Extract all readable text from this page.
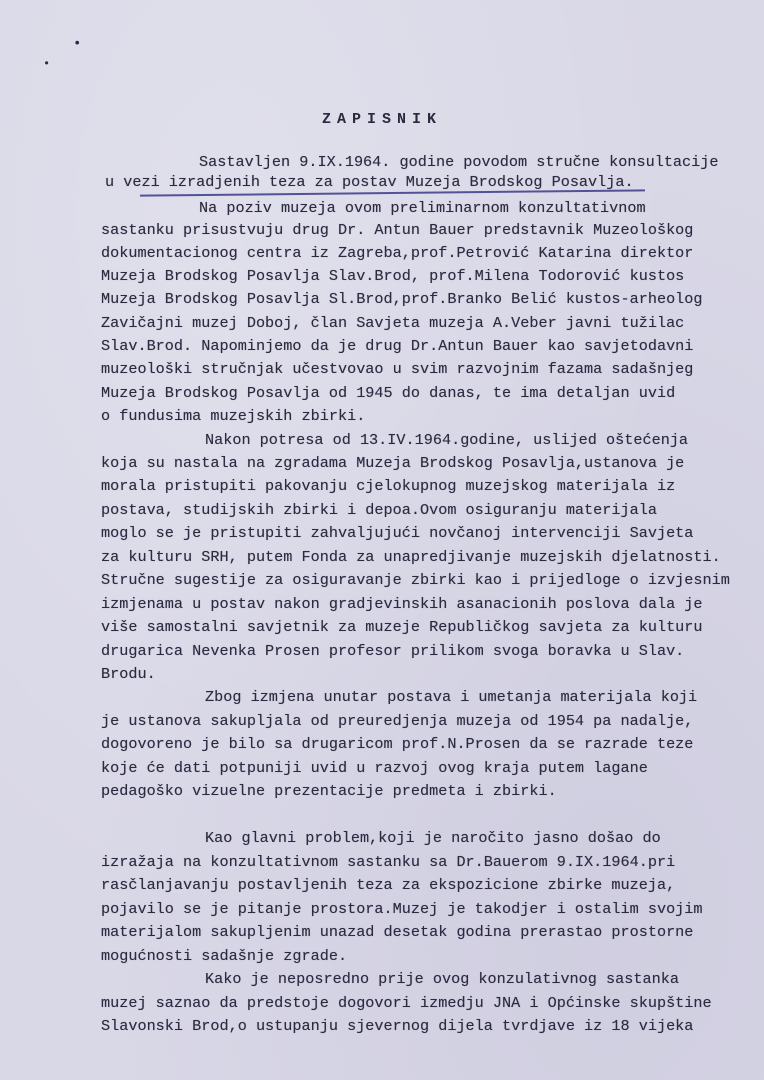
•
•
ZAPISNIK
Sastavljen 9.IX.1964. godine povodom stručne konsultacije
u vezi izradjenih teza za postav Muzeja Brodskog Posavlja.
Na poziv muzeja ovom preliminarnom konzultativnom
sastanku prisustvuju drug Dr. Antun Bauer predstavnik Muzeološkog
dokumentacionog centra iz Zagreba,prof.Petrović Katarina direktor
Muzeja Brodskog Posavlja Slav.Brod, prof.Milena Todorović kustos
Muzeja Brodskog Posavlja Sl.Brod,prof.Branko Belić kustos-arheolog
Zavičajni muzej Doboj, član Savjeta muzeja A.Veber javni tužilac
Slav.Brod. Napominjemo da je drug Dr.Antun Bauer kao savjetodavni
muzeološki stručnjak učestvovao u svim razvojnim fazama sadašnjeg
Muzeja Brodskog Posavlja od 1945 do danas, te ima detaljan uvid
o fundusima muzejskih zbirki.
Nakon potresa od 13.IV.1964.godine, uslijed oštećenja
koja su nastala na zgradama Muzeja Brodskog Posavlja,ustanova je
morala pristupiti pakovanju cjelokupnog muzejskog materijala iz
postava, studijskih zbirki i depoa.Ovom osiguranju materijala
moglo se je pristupiti zahvaljujući novčanoj intervenciji Savjeta
za kulturu SRH, putem Fonda za unapredjivanje muzejskih djelatnosti.
Stručne sugestije za osiguravanje zbirki kao i prijedloge o izvjesnim
izmjenama u postav nakon gradjevinskih asanacionih poslova dala je
više samostalni savjetnik za muzeje Republičkog savjeta za kulturu
drugarica Nevenka Prosen profesor prilikom svoga boravka u Slav.
Brodu.
Zbog izmjena unutar postava i umetanja materijala koji
je ustanova sakupljala od preuredjenja muzeja od 1954 pa nadalje,
dogovoreno je bilo sa drugaricom prof.N.Prosen da se razrade teze
koje će dati potpuniji uvid u razvoj ovog kraja putem lagane
pedagoško vizuelne prezentacije predmeta i zbirki.
Kao glavni problem,koji je naročito jasno došao do
izražaja na konzultativnom sastanku sa Dr.Bauerom 9.IX.1964.pri
rasčlanjavanju postavljenih teza za ekspozicione zbirke muzeja,
pojavilo se je pitanje prostora.Muzej je takodjer i ostalim svojim
materijalom sakupljenim unazad desetak godina prerastao prostorne
mogućnosti sadašnje zgrade.
Kako je neposredno prije ovog konzulativnog sastanka
muzej saznao da predstoje dogovori izmedju JNA i Općinske skupštine
Slavonski Brod,o ustupanju sjevernog dijela tvrdjave iz 18 vijeka
